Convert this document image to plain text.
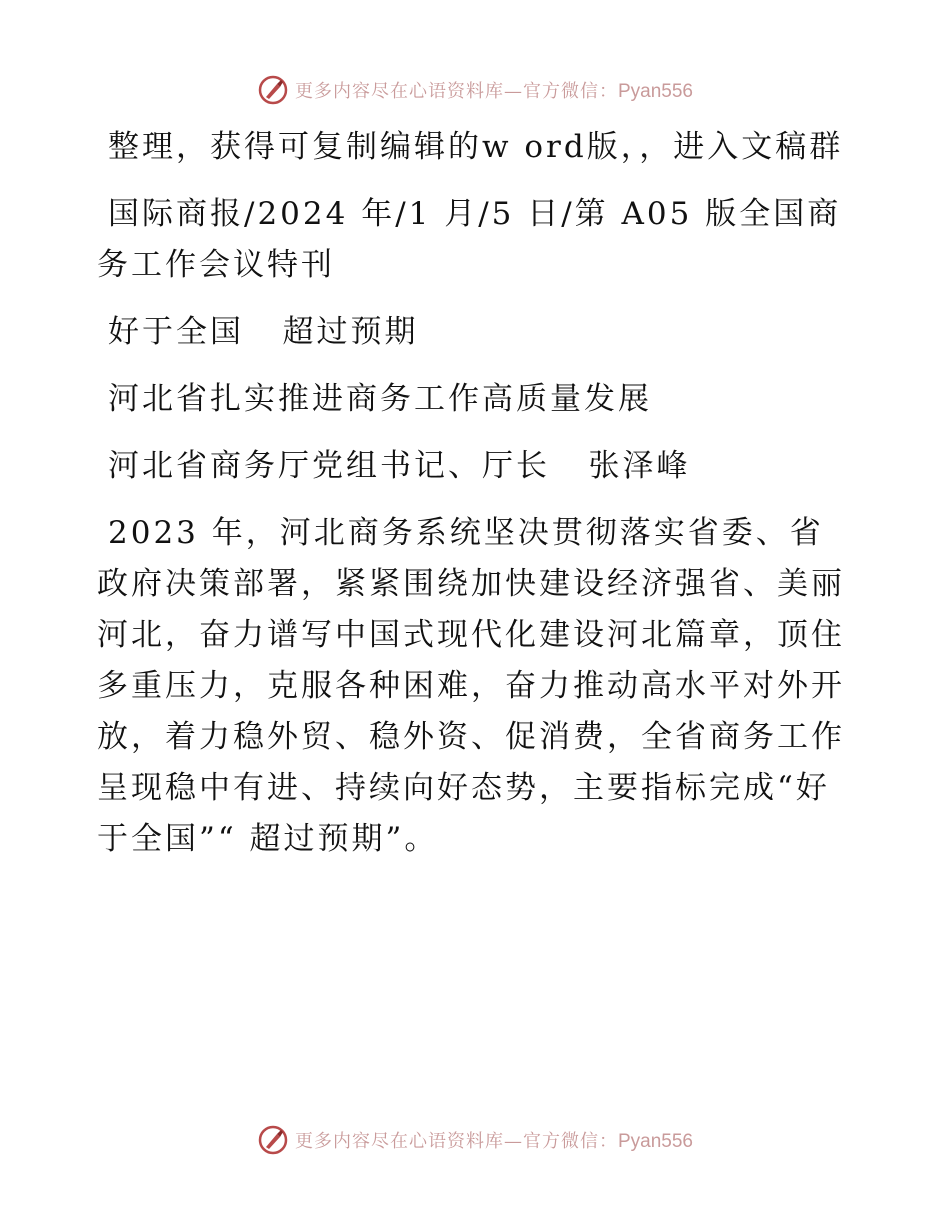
更多内容尽在心语资料库—官方微信：Pyan556

整理，获得可复制编辑的w ord版，，进入文稿群

国际商报/2024 年/1 月/5 日/第 A05 版全国商务工作会议特刊

好于全国   超过预期

河北省扎实推进商务工作高质量发展

河北省商务厅党组书记、厅长   张泽峰

2023 年，河北商务系统坚决贯彻落实省委、省政府决策部署，紧紧围绕加快建设经济强省、美丽河北，奋力谱写中国式现代化建设河北篇章，顶住多重压力，克服各种困难，奋力推动高水平对外开放，着力稳外贸、稳外资、促消费，全省商务工作呈现稳中有进、持续向好态势，主要指标完成“好于全国”“ 超过预期”。

更多内容尽在心语资料库—官方微信：Pyan556
